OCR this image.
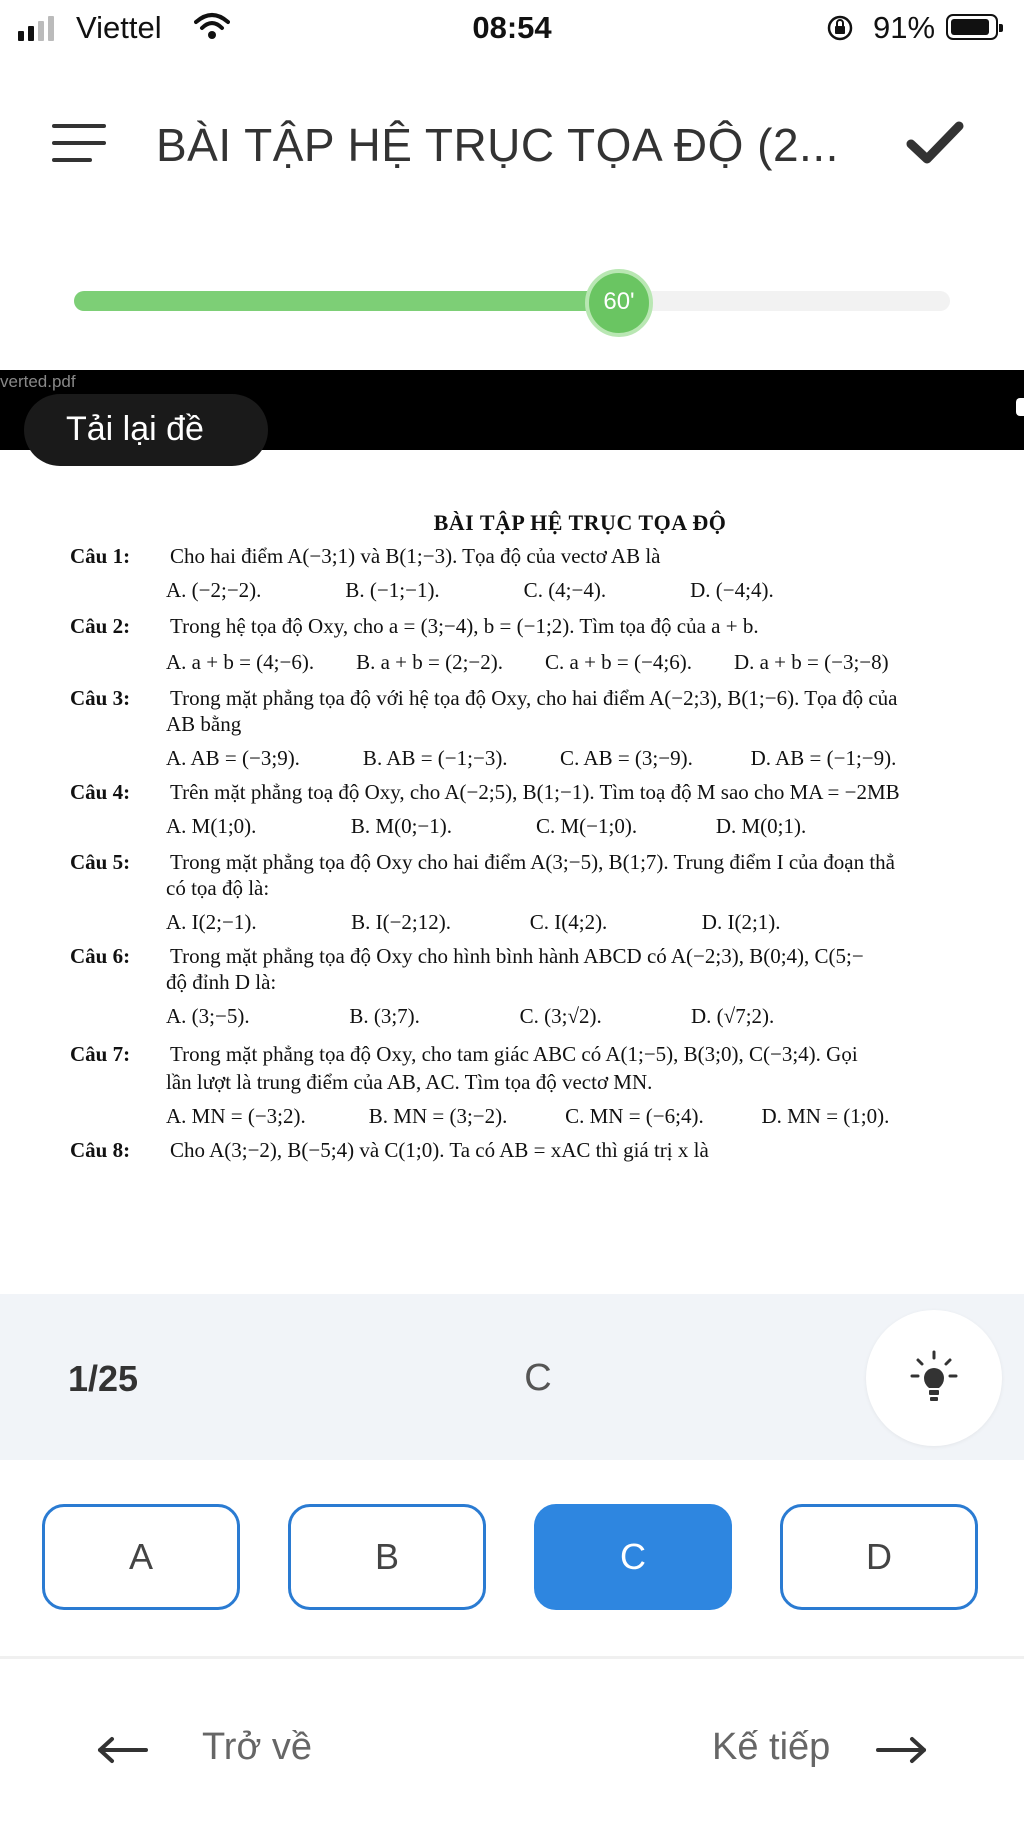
Viettel	08:54	91%
BÀI TẬP HỆ TRỤC TỌA ĐỘ (2...
60'
verted.pdf
Tải lại đề
BÀI TẬP HỆ TRỤC TỌA ĐỘ
Câu 1: Cho hai điểm A(−3;1) và B(1;−3). Tọa độ của vectơ AB là
A. (−2;−2).                B. (−1;−1).                C. (4;−4).                D. (−4;4).
Câu 2: Trong hệ tọa độ Oxy, cho a = (3;−4), b = (−1;2). Tìm tọa độ của a + b.
A. a + b = (4;−6).        B. a + b = (2;−2).        C. a + b = (−4;6).        D. a + b = (−3;−8)
Câu 3: Trong mặt phẳng tọa độ với hệ tọa độ Oxy, cho hai điểm A(−2;3), B(1;−6). Tọa độ của
AB bằng
A. AB = (−3;9).            B. AB = (−1;−3).          C. AB = (3;−9).           D. AB = (−1;−9).
Câu 4: Trên mặt phẳng toạ độ Oxy, cho A(−2;5), B(1;−1). Tìm toạ độ M sao cho MA = −2MB
A. M(1;0).                  B. M(0;−1).                C. M(−1;0).               D. M(0;1).
Câu 5: Trong mặt phẳng tọa độ Oxy cho hai điểm A(3;−5), B(1;7). Trung điểm I của đoạn thẳ
có tọa độ là:
A. I(2;−1).                  B. I(−2;12).               C. I(4;2).                  D. I(2;1).
Câu 6: Trong mặt phẳng tọa độ Oxy cho hình bình hành ABCD có A(−2;3), B(0;4), C(5;−
độ đỉnh D là:
A. (3;−5).                   B. (3;7).                   C. (3;√2).                 D. (√7;2).
Câu 7: Trong mặt phẳng tọa độ Oxy, cho tam giác ABC có A(1;−5), B(3;0), C(−3;4). Gọi
lần lượt là trung điểm của AB, AC. Tìm tọa độ vectơ MN.
A. MN = (−3;2).            B. MN = (3;−2).           C. MN = (−6;4).           D. MN = (1;0).
Câu 8: Cho A(3;−2), B(−5;4) và C(1;0). Ta có AB = xAC thì giá trị x là
1/25	C
A	B	C	D
Trở về	Kế tiếp
